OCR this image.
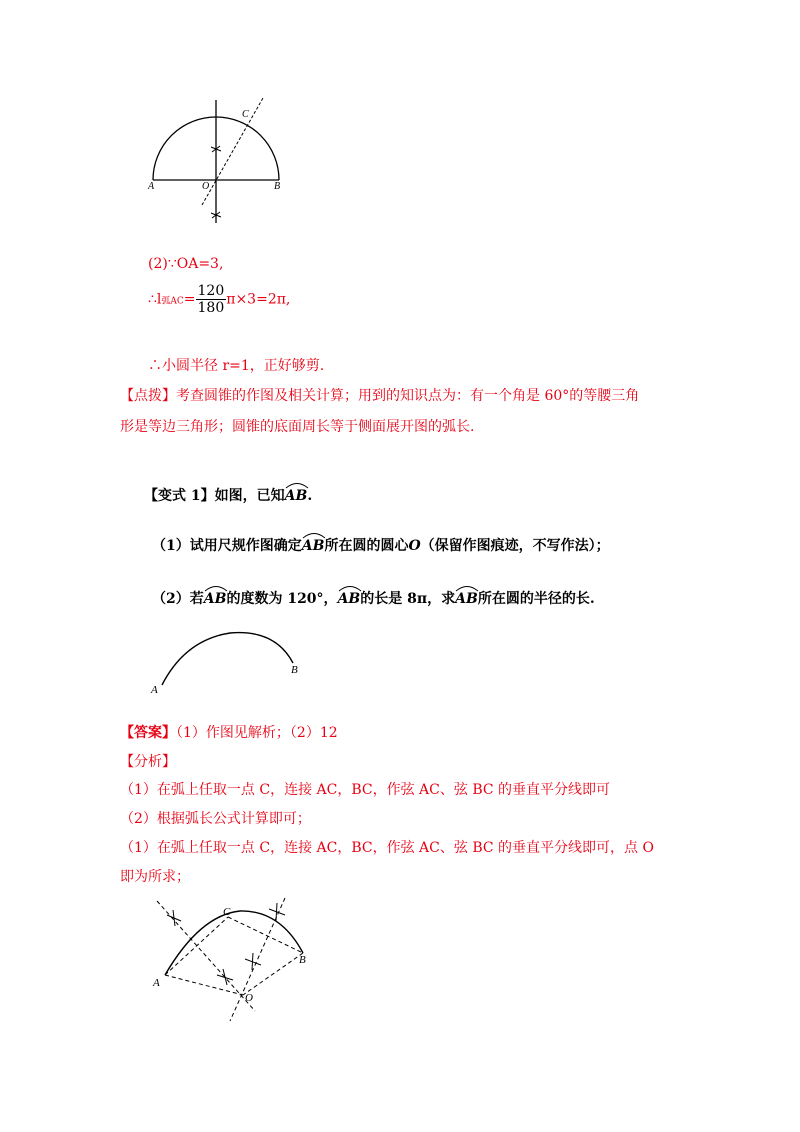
A	O	B
C
(2)∵OA=3,
∴l弧$AC= \frac{120}{180} \pi\times 3=2\pi$,
∴小圆半径 r=1，正好够剪.
【点拨】考查圆锥的作图及相关计算；用到的知识点为：有一个角是 60°的等腰三角
形是等边三角形；圆锥的底面周长等于侧面展开图的弧长.
【变式 1】如图，已知
AB.
（1）试用尺规作图确定
AB所在圆的圆心O（保留作图痕迹，不写作法）；
（2）若
AB的度数为 120°，
AB的长是 8π，求
AB所在圆的半径的长.
A
B
【答案】（1）作图见解析；（2）12
【分析】
（1）在弧上任取一点 C，连接 AC，BC，作弦 AC、弦 BC 的垂直平分线即可
（2）根据弧长公式计算即可；
（1）在弧上任取一点 C，连接 AC，BC，作弦 AC、弦 BC 的垂直平分线即可，点 O
即为所求；
C
A
B
O
